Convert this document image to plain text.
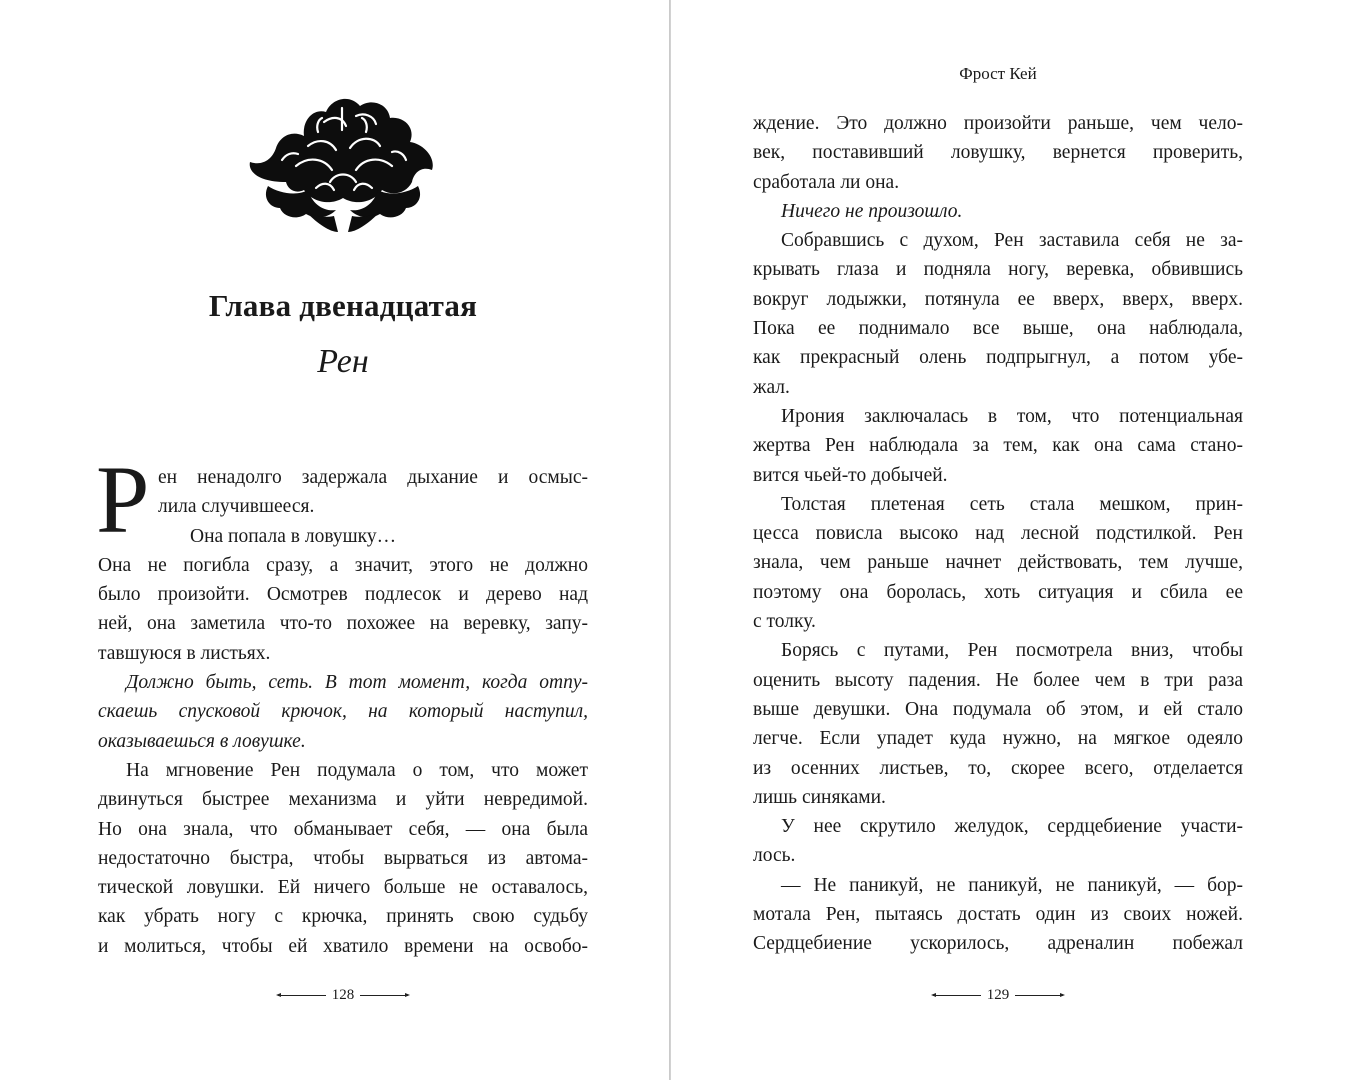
Глава двенадцатая
Рен
Р ен ненадолго задержала дыхание и осмыс-
лила случившееся.
Она попала в ловушку…
Она не погибла сразу, а значит, этого не должно
было произойти. Осмотрев подлесок и дерево над
ней, она заметила что-то похожее на веревку, запу-
тавшуюся в листьях.
Должно быть, сеть. В тот момент, когда отпу-
скаешь спусковой крючок, на который наступил,
оказываешься в ловушке.
На мгновение Рен подумала о том, что может
двинуться быстрее механизма и уйти невредимой.
Но она знала, что обманывает себя, — она была
недостаточно быстра, чтобы вырваться из автома-
тической ловушки. Ей ничего больше не оставалось,
как убрать ногу с крючка, принять свою судьбу
и молиться, чтобы ей хватило времени на освобо-
128
Фрост Кей
ждение. Это должно произойти раньше, чем чело-
век, поставивший ловушку, вернется проверить,
сработала ли она.
Ничего не произошло.
Собравшись с духом, Рен заставила себя не за-
крывать глаза и подняла ногу, веревка, обвившись
вокруг лодыжки, потянула ее вверх, вверх, вверх.
Пока ее поднимало все выше, она наблюдала,
как прекрасный олень подпрыгнул, а потом убе-
жал.
Ирония заключалась в том, что потенциальная
жертва Рен наблюдала за тем, как она сама стано-
вится чьей-то добычей.
Толстая плетеная сеть стала мешком, прин-
цесса повисла высоко над лесной подстилкой. Рен
знала, чем раньше начнет действовать, тем лучше,
поэтому она боролась, хоть ситуация и сбила ее
с толку.
Борясь с путами, Рен посмотрела вниз, чтобы
оценить высоту падения. Не более чем в три раза
выше девушки. Она подумала об этом, и ей стало
легче. Если упадет куда нужно, на мягкое одеяло
из осенних листьев, то, скорее всего, отделается
лишь синяками.
У нее скрутило желудок, сердцебиение участи-
лось.
— Не паникуй, не паникуй, не паникуй, — бор-
мотала Рен, пытаясь достать один из своих ножей.
Сердцебиение ускорилось, адреналин побежал
129
